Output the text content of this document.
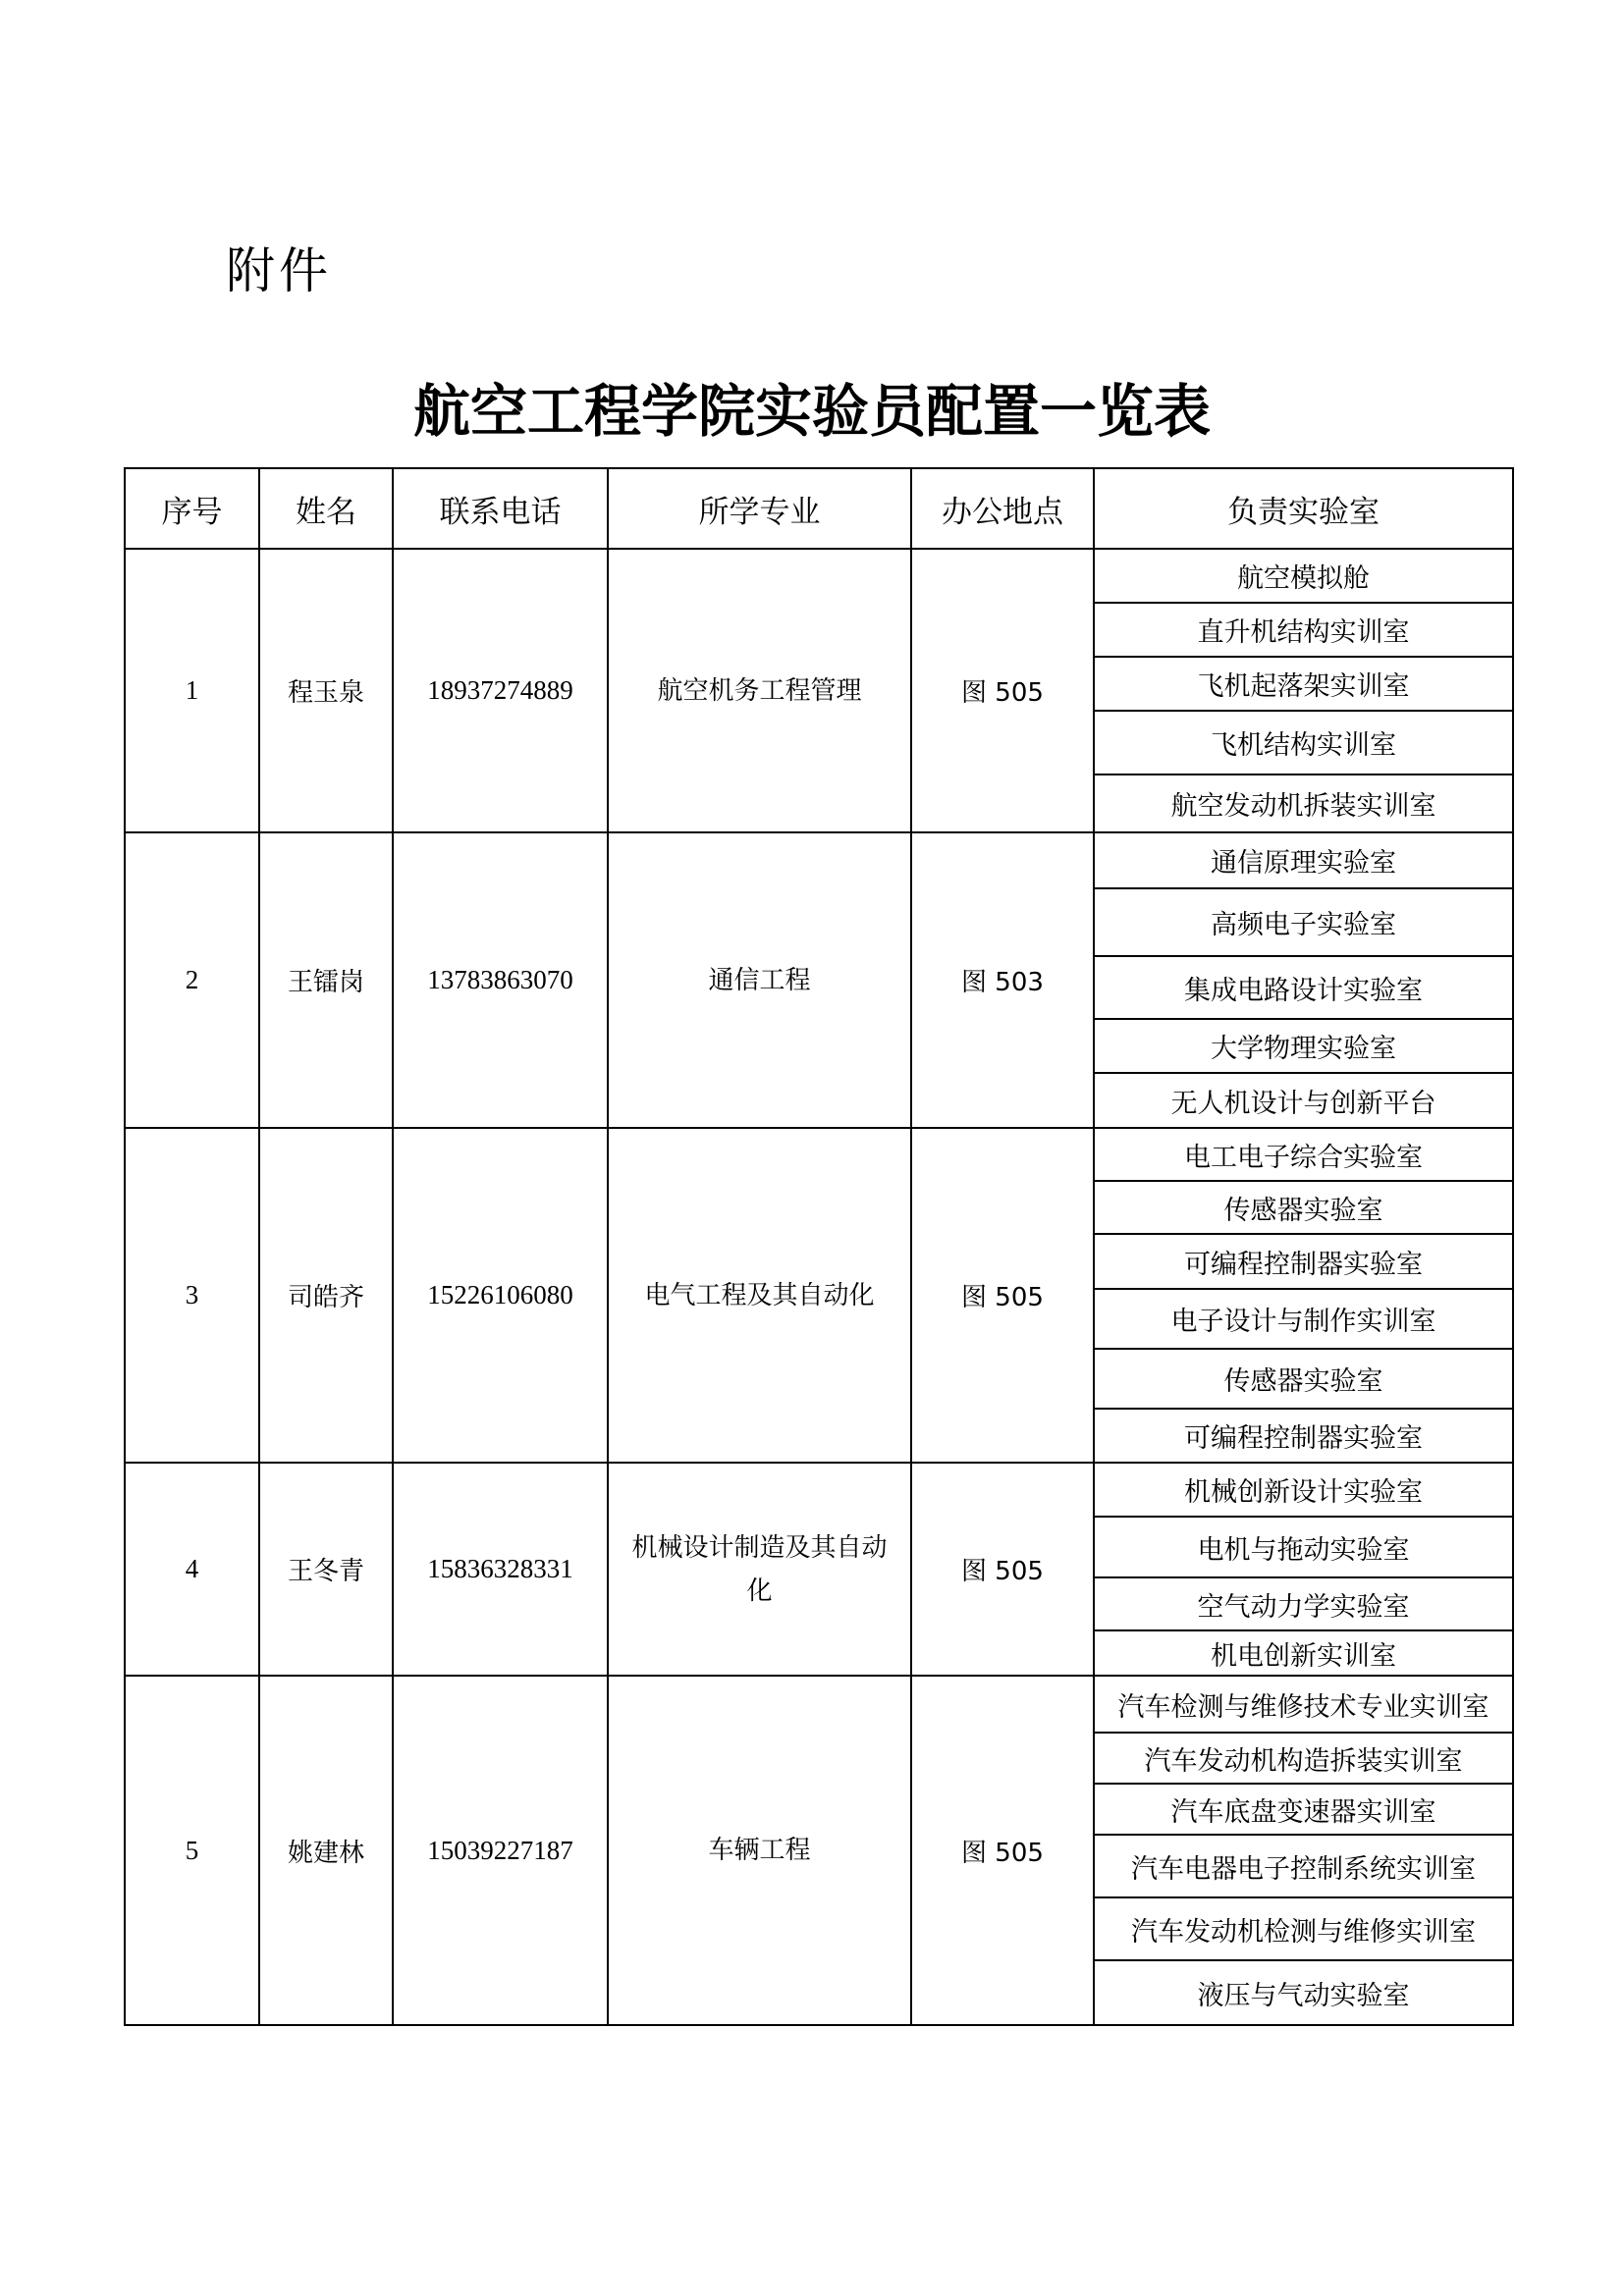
附件
航空工程学院实验员配置一览表
序号	姓名	联系电话	所学专业	办公地点	负责实验室
1	程玉泉	18937274889	航空机务工程管理	图 505	航空模拟舱
					直升机结构实训室
					飞机起落架实训室
					飞机结构实训室
					航空发动机拆装实训室
2	王镭岗	13783863070	通信工程	图 503	通信原理实验室
					高频电子实验室
					集成电路设计实验室
					大学物理实验室
					无人机设计与创新平台
3	司皓齐	15226106080	电气工程及其自动化	图 505	电工电子综合实验室
					传感器实验室
					可编程控制器实验室
					电子设计与制作实训室
					传感器实验室
					可编程控制器实验室
4	王冬青	15836328331	机械设计制造及其自动化	图 505	机械创新设计实验室
					电机与拖动实验室
					空气动力学实验室
					机电创新实训室
5	姚建林	15039227187	车辆工程	图 505	汽车检测与维修技术专业实训室
					汽车发动机构造拆装实训室
					汽车底盘变速器实训室
					汽车电器电子控制系统实训室
					汽车发动机检测与维修实训室
					液压与气动实验室
